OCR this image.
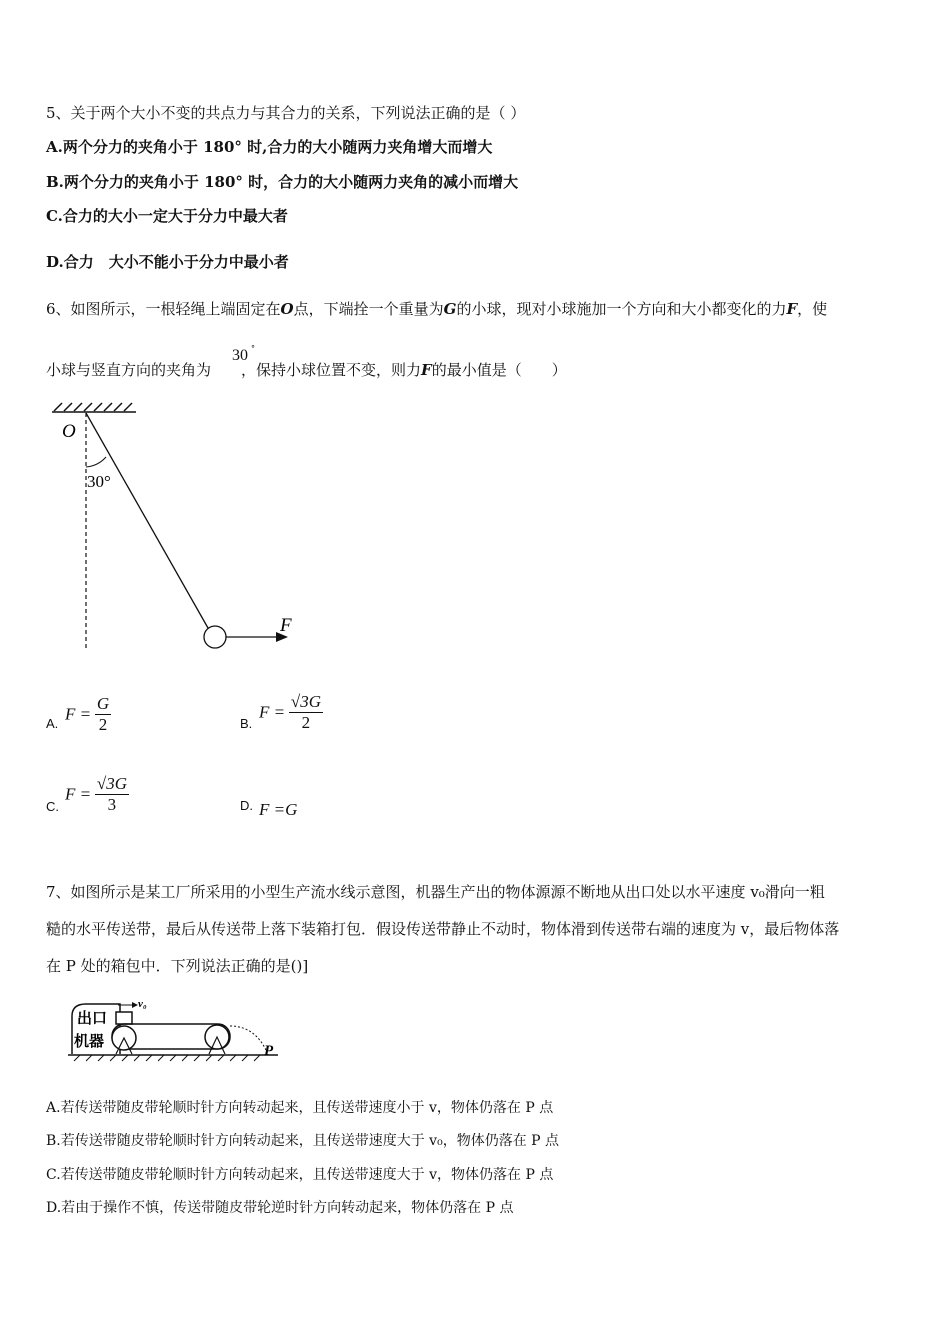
5、关于两个大小不变的共点力与其合力的关系，下列说法正确的是（ ）
A.两个分力的夹角小于 180° 时,合力的大小随两力夹角增大而增大
B.两个分力的夹角小于 180° 时，合力的大小随两力夹角的减小而增大
C.合力的大小一定大于分力中最大者
D.合力　大小不能小于分力中最小者
6、如图所示，一根轻绳上端固定在O点，下端拴一个重量为G的小球，现对小球施加一个方向和大小都变化的力F，使
小球与竖直方向的夹角为 ，保持小球位置不变，则力F的最小值是（　　）
30 °
O
30°
F
A. $F = \frac{G}{2}$	B.
$F = \frac{√3G}{2}$
C.
$F = \frac{√3G}{3}$	D. F =G
7、如图所示是某工厂所采用的小型生产流水线示意图，机器生产出的物体源源不断地从出口处以水平速度 v₀滑向一粗
糙的水平传送带，最后从传送带上落下装箱打包．假设传送带静止不动时，物体滑到传送带右端的速度为 v，最后物体落
在 P 处的箱包中．下列说法正确的是()]
出口
机器
v₀
P
A.若传送带随皮带轮顺时针方向转动起来，且传送带速度小于 v，物体仍落在 P 点
B.若传送带随皮带轮顺时针方向转动起来，且传送带速度大于 v₀，物体仍落在 P 点
C.若传送带随皮带轮顺时针方向转动起来，且传送带速度大于 v，物体仍落在 P 点
D.若由于操作不慎，传送带随皮带轮逆时针方向转动起来，物体仍落在 P 点
